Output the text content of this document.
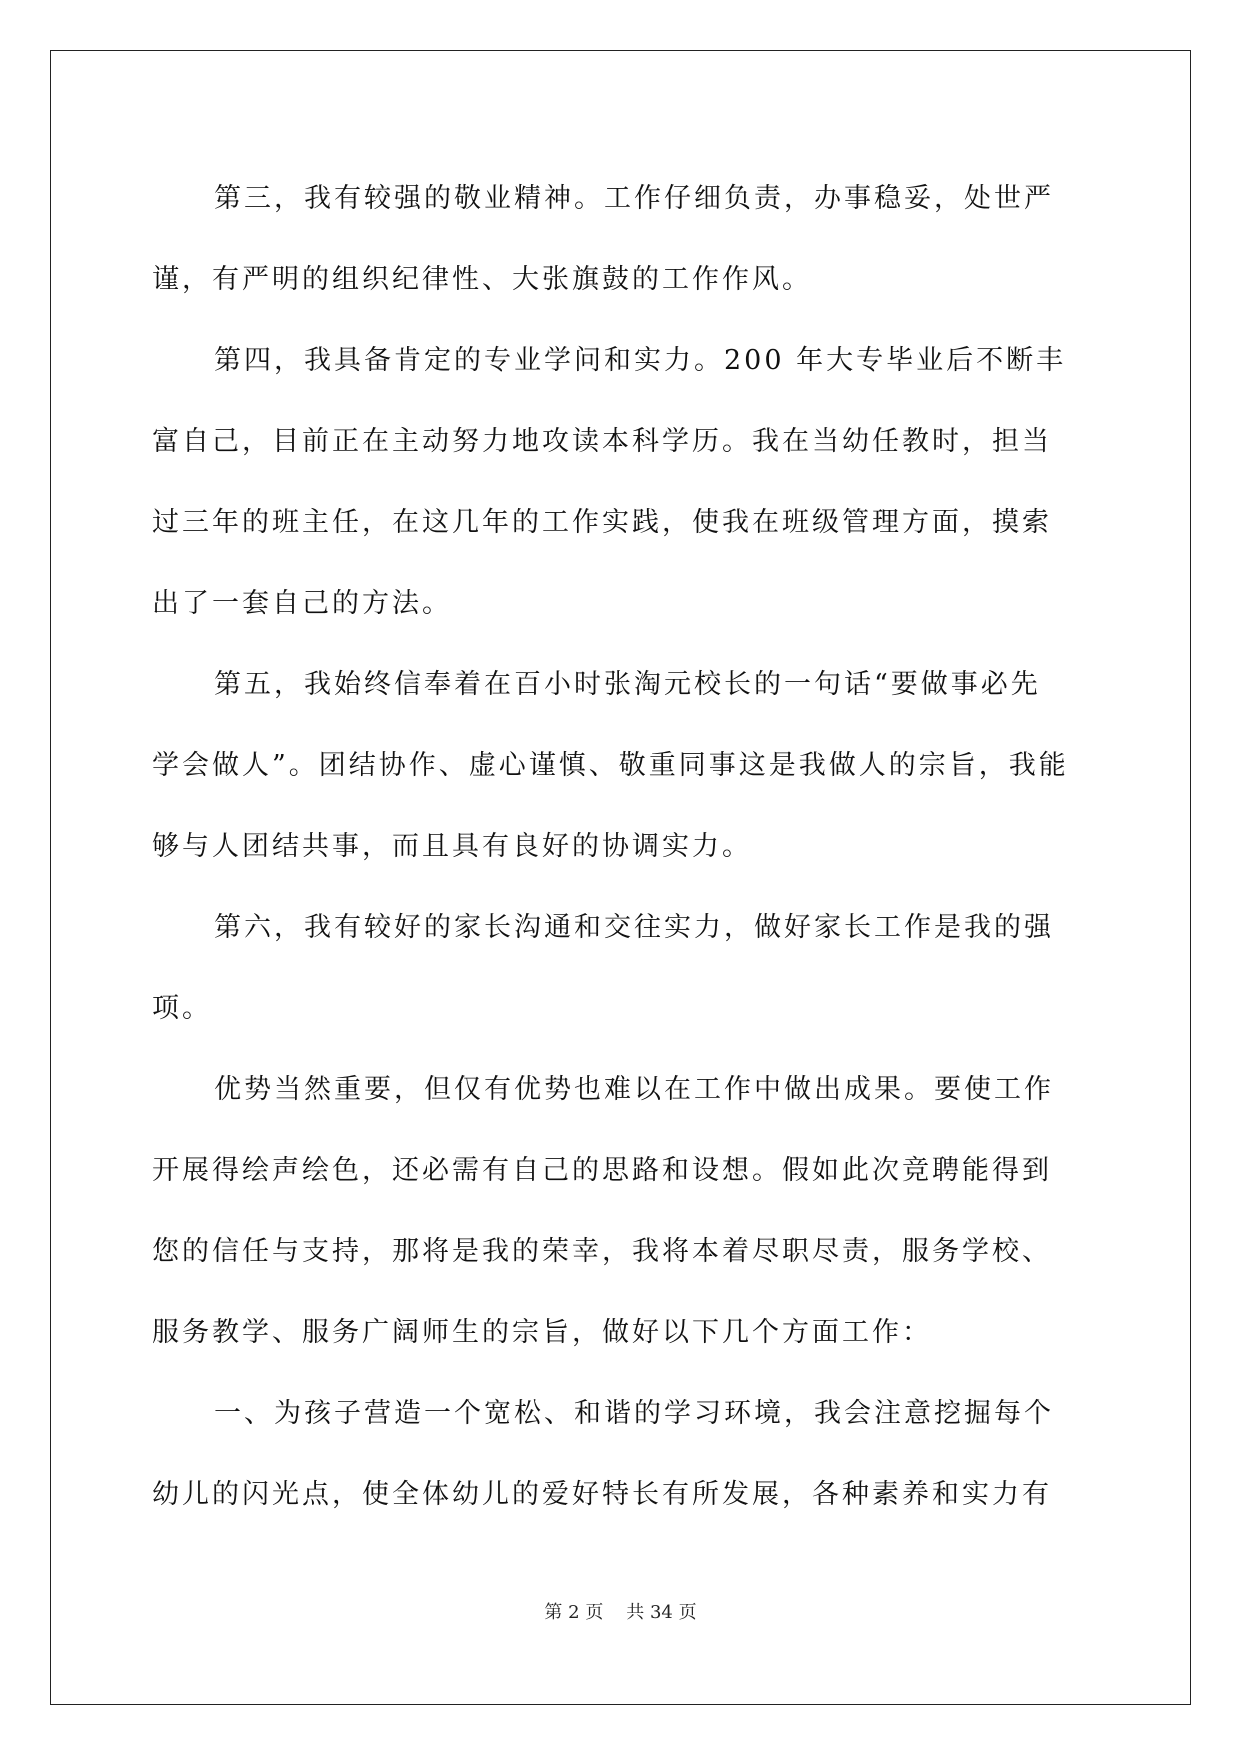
第三，我有较强的敬业精神。工作仔细负责，办事稳妥，处世严
谨，有严明的组织纪律性、大张旗鼓的工作作风。
第四，我具备肯定的专业学问和实力。200 年大专毕业后不断丰
富自己，目前正在主动努力地攻读本科学历。我在当幼任教时，担当
过三年的班主任，在这几年的工作实践，使我在班级管理方面，摸索
出了一套自己的方法。
第五，我始终信奉着在百小时张淘元校长的一句话“要做事必先
学会做人”。团结协作、虚心谨慎、敬重同事这是我做人的宗旨，我能
够与人团结共事，而且具有良好的协调实力。
第六，我有较好的家长沟通和交往实力，做好家长工作是我的强
项。
优势当然重要，但仅有优势也难以在工作中做出成果。要使工作
开展得绘声绘色，还必需有自己的思路和设想。假如此次竞聘能得到
您的信任与支持，那将是我的荣幸，我将本着尽职尽责，服务学校、
服务教学、服务广阔师生的宗旨，做好以下几个方面工作：
一、为孩子营造一个宽松、和谐的学习环境，我会注意挖掘每个
幼儿的闪光点，使全体幼儿的爱好特长有所发展，各种素养和实力有
第 2 页 共 34 页
